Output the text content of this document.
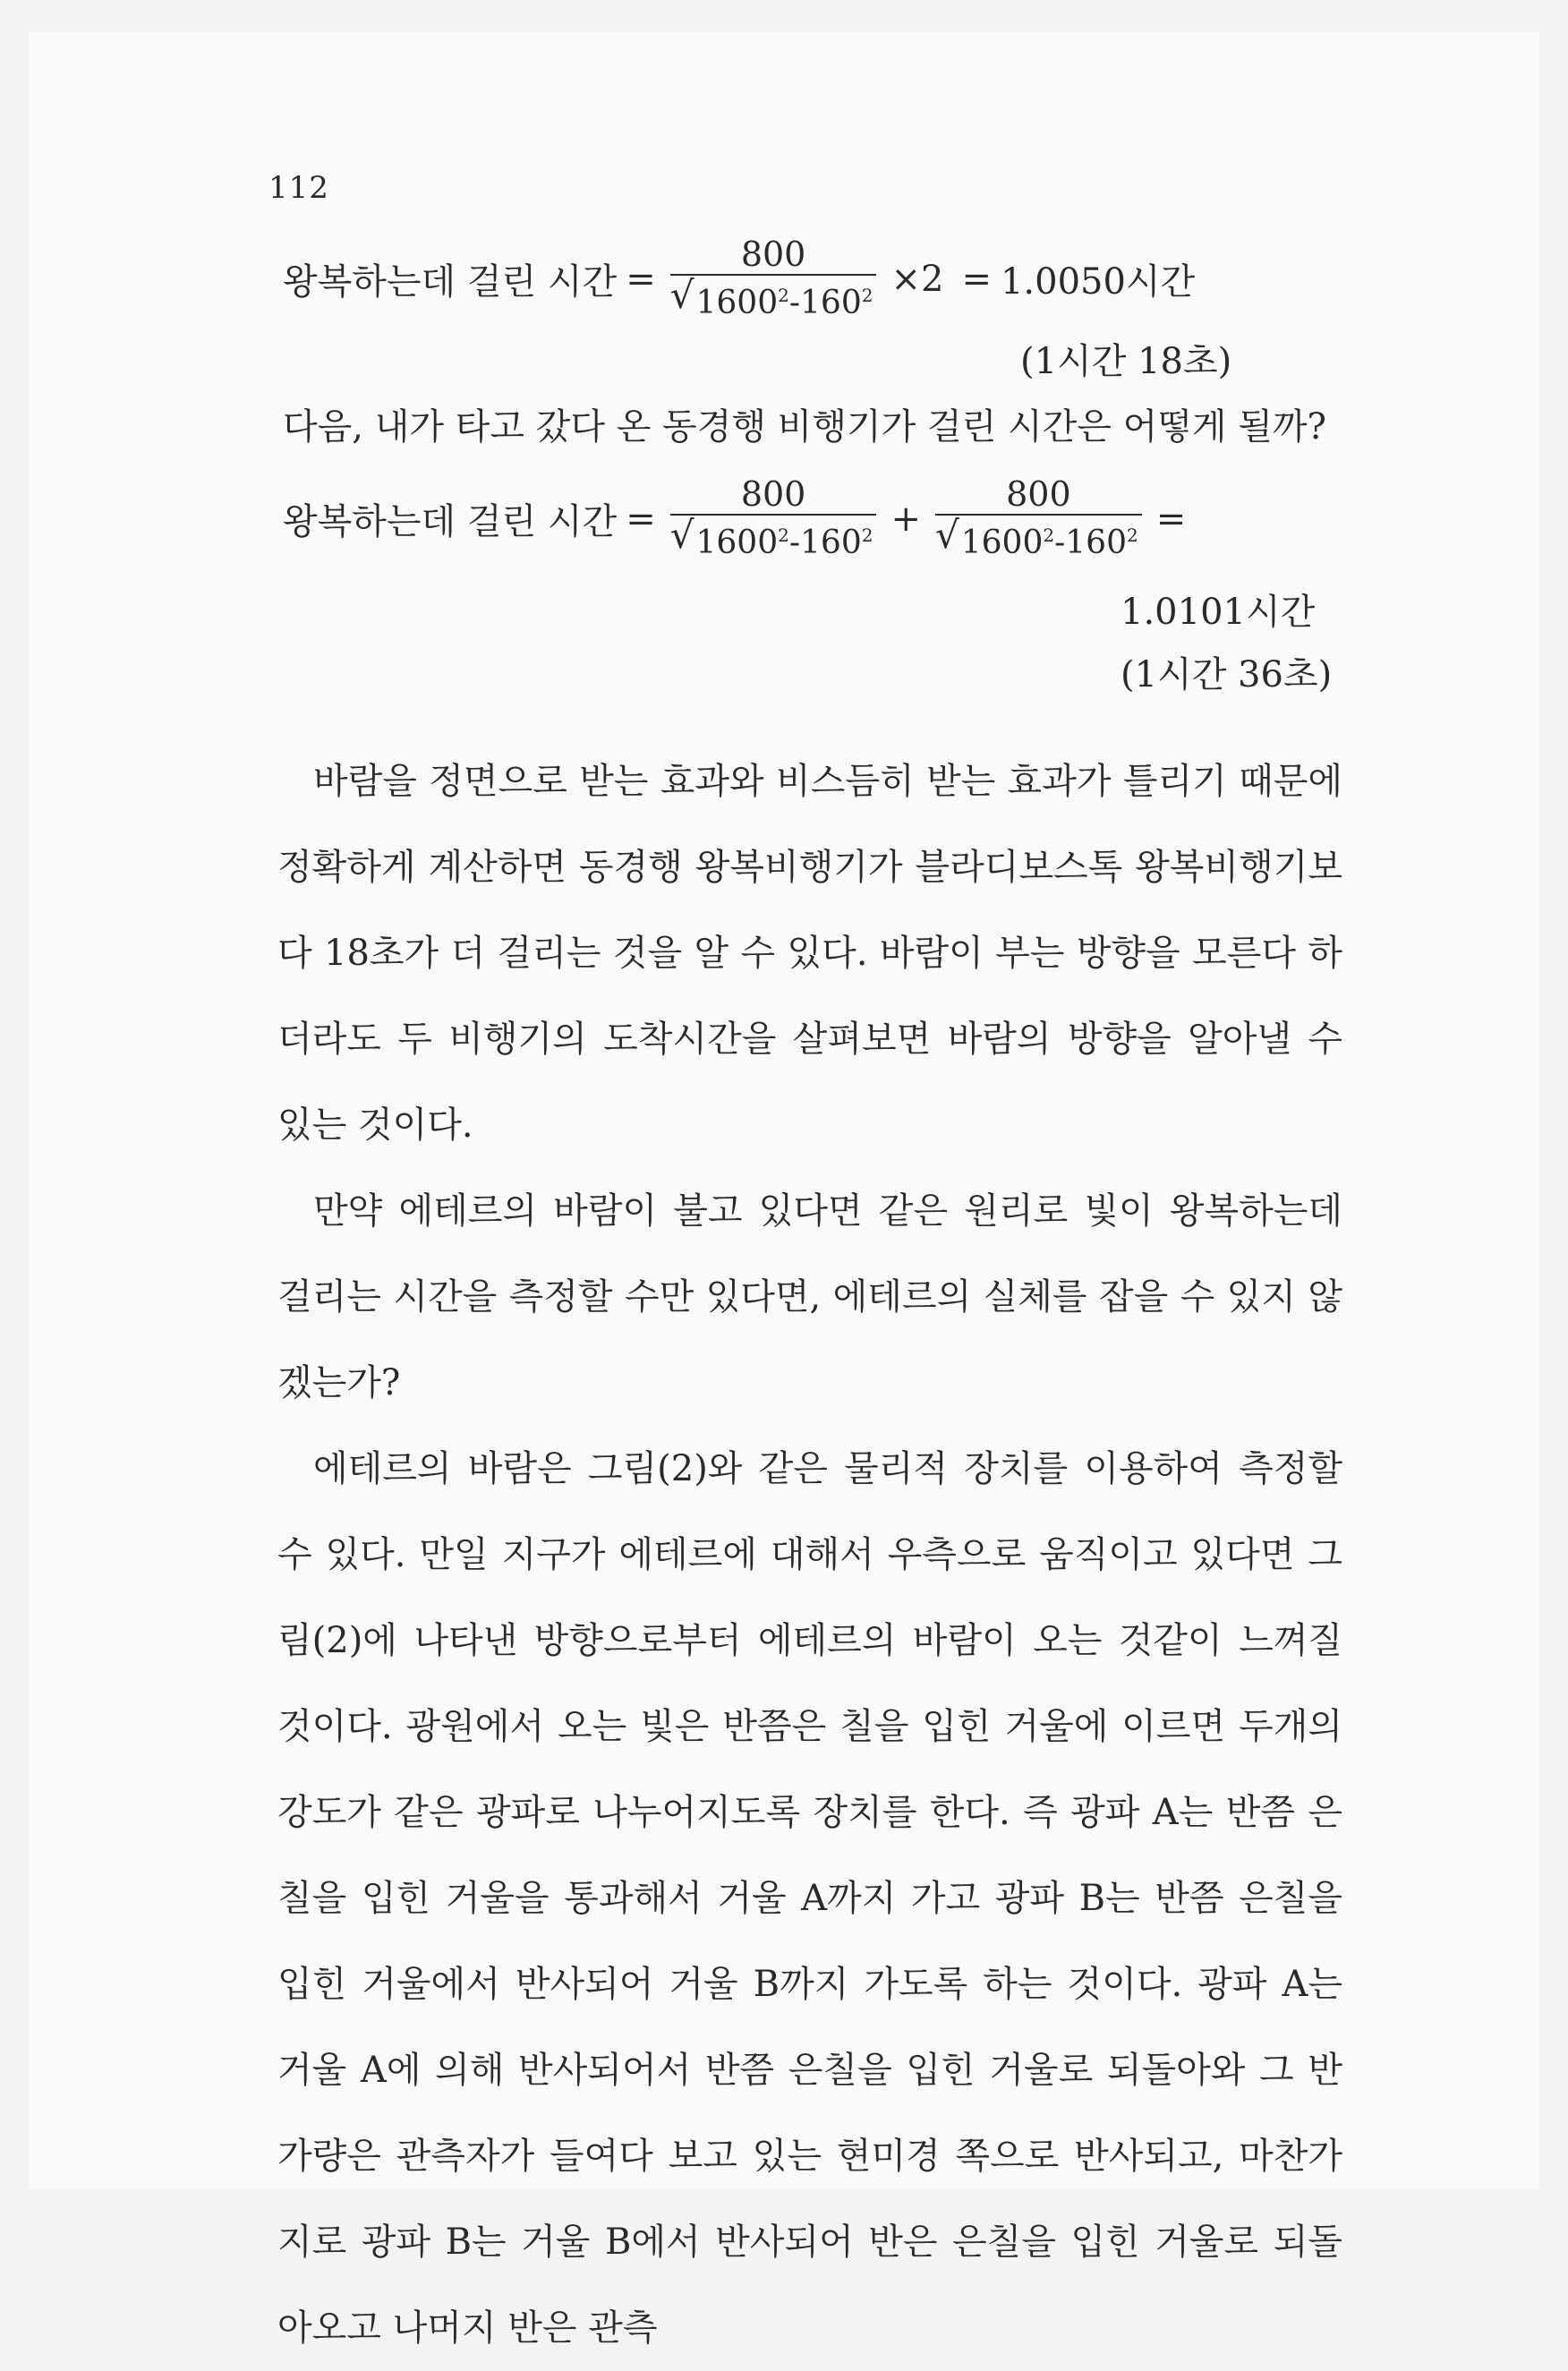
112
왕복하는데 걸린 시간 = $\frac{800}{√ 1600^2-160^2} \times 2 = 1.0050$시간
(1시간 18초)
다음, 내가 타고 갔다 온 동경행 비행기가 걸린 시간은 어떻게 될까?
왕복하는데 걸린 시간 = $\frac{800}{√ 1600^2-160^2} + \frac{800}{√ 1600^2-160^2}$ =
1.0101시간
(1시간 36초)

바람을 정면으로 받는 효과와 비스듬히 받는 효과가 틀리기 때문에 정확하게 계산하면 동경행 왕복비행기가 블라디보스톡 왕복비행기보다 18초가 더 걸리는 것을 알 수 있다. 바람이 부는 방향을 모른다 하더라도 두 비행기의 도착시간을 살펴보면 바람의 방향을 알아낼 수 있는 것이다.

만약 에테르의 바람이 불고 있다면 같은 원리로 빛이 왕복하는데 걸리는 시간을 측정할 수만 있다면, 에테르의 실체를 잡을 수 있지 않겠는가?

에테르의 바람은 그림(2)와 같은 물리적 장치를 이용하여 측정할 수 있다. 만일 지구가 에테르에 대해서 우측으로 움직이고 있다면 그림(2)에 나타낸 방향으로부터 에테르의 바람이 오는 것같이 느껴질 것이다. 광원에서 오는 빛은 반쯤은 칠을 입힌 거울에 이르면 두개의 강도가 같은 광파로 나누어지도록 장치를 한다. 즉 광파 A는 반쯤 은칠을 입힌 거울을 통과해서 거울 A까지 가고 광파 B는 반쯤 은칠을 입힌 거울에서 반사되어 거울 B까지 가도록 하는 것이다. 광파 A는 거울 A에 의해 반사되어서 반쯤 은칠을 입힌 거울로 되돌아와 그 반가량은 관측자가 들여다 보고 있는 현미경 쪽으로 반사되고, 마찬가지로 광파 B는 거울 B에서 반사되어 반은 은칠을 입힌 거울로 되돌아오고 나머지 반은 관측
